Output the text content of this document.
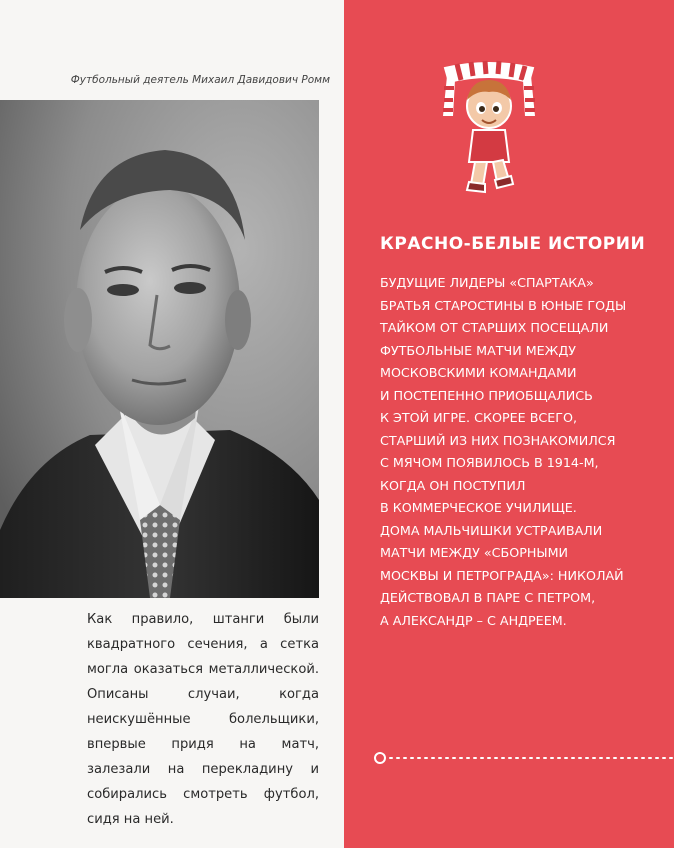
Футбольный деятель Михаил Давидович Ромм
Как правило, штанги были квадратного сечения, а сетка могла оказаться металлической. Описаны случаи, когда неискушённые болельщики, впервые придя на матч, залезали на перекладину и собирались смотреть футбол, сидя на ней.
КРАСНО-БЕЛЫЕ ИСТОРИИ
БУДУЩИЕ ЛИДЕРЫ «СПАРТАКА»
БРАТЬЯ СТАРОСТИНЫ В ЮНЫЕ ГОДЫ
ТАЙКОМ ОТ СТАРШИХ ПОСЕЩАЛИ
ФУТБОЛЬНЫЕ МАТЧИ МЕЖДУ
МОСКОВСКИМИ КОМАНДАМИ
И ПОСТЕПЕННО ПРИОБЩАЛИСЬ
К ЭТОЙ ИГРЕ. СКОРЕЕ ВСЕГО,
СТАРШИЙ ИЗ НИХ ПОЗНАКОМИЛСЯ
С МЯЧОМ ПОЯВИЛОСЬ В 1914-М,
КОГДА ОН ПОСТУПИЛ
В КОММЕРЧЕСКОЕ УЧИЛИЩЕ.
ДОМА МАЛЬЧИШКИ УСТРАИВАЛИ
МАТЧИ МЕЖДУ «СБОРНЫМИ
МОСКВЫ И ПЕТРОГРАДА»: НИКОЛАЙ
ДЕЙСТВОВАЛ В ПАРЕ С ПЕТРОМ,
А АЛЕКСАНДР – С АНДРЕЕМ.
